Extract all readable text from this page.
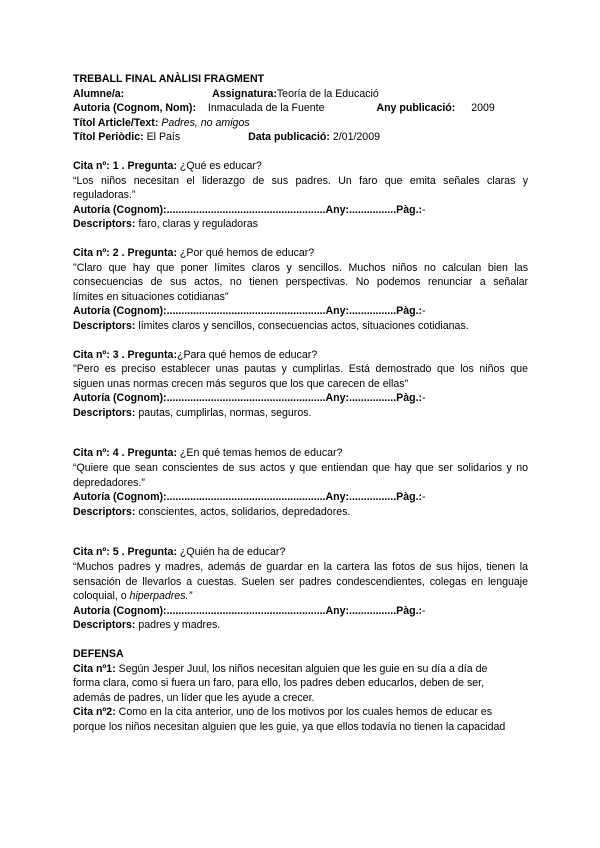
TREBALL FINAL ANÀLISI FRAGMENT
Alumne/a:	Assignatura:Teoría de la Educació
Autoria (Cognom, Nom): Inmaculada de la Fuente	Any publicació: 2009
Títol Article/Text: Padres, no amigos
Títol Periòdic: El País	Data publicació: 2/01/2009
Cita nº: 1 . Pregunta: ¿Qué es educar?
“Los niños necesitan el liderazgo de sus padres. Un faro que emita señales claras y
reguladoras.”
Autoría (Cognom):......................................................Any:................Pàg.:-
Descriptors: faro, claras y reguladoras
Cita nº: 2 . Pregunta: ¿Por qué hemos de educar?
"Claro que hay que poner límites claros y sencillos. Muchos niños no calculan bien las
consecuencias de sus actos, no tienen perspectivas. No podemos renunciar a señalar
límites en situaciones cotidianas"
Autoría (Cognom):......................................................Any:................Pàg.:-
Descriptors: límites claros y sencillos, consecuencias actos, situaciones cotidianas.
Cita nº: 3 . Pregunta:¿Para qué hemos de educar?
"Pero es preciso establecer unas pautas y cumplirlas. Está demostrado que los niños que
siguen unas normas crecen más seguros que los que carecen de ellas"
Autoría (Cognom):......................................................Any:................Pàg.:-
Descriptors: pautas, cumplirlas, normas, seguros.
Cita nº: 4 . Pregunta: ¿En qué temas hemos de educar?
“Quiere que sean conscientes de sus actos y que entiendan que hay que ser solidarios y no
depredadores.”
Autoría (Cognom):......................................................Any:................Pàg.:-
Descriptors: conscientes, actos, solidarios, depredadores.
Cita nº: 5 . Pregunta: ¿Quién ha de educar?
“Muchos padres y madres, además de guardar en la cartera las fotos de sus hijos, tienen la
sensación de llevarlos a cuestas. Suelen ser padres condescendientes, colegas en lenguaje
coloquial, o hiperpadres.”
Autoría (Cognom):......................................................Any:................Pàg.:-
Descriptors: padres y madres.
DEFENSA
Cita nº1: Según Jesper Juul, los niños necesitan alguien que les guie en su día a día de
forma clara, como si fuera un faro, para ello, los padres deben educarlos, deben de ser,
además de padres, un líder que les ayude a crecer.
Cita nº2: Como en la cita anterior, uno de los motivos por los cuales hemos de educar es
porque los niños necesitan alguien que les guie, ya que ellos todavía no tienen la capacidad
